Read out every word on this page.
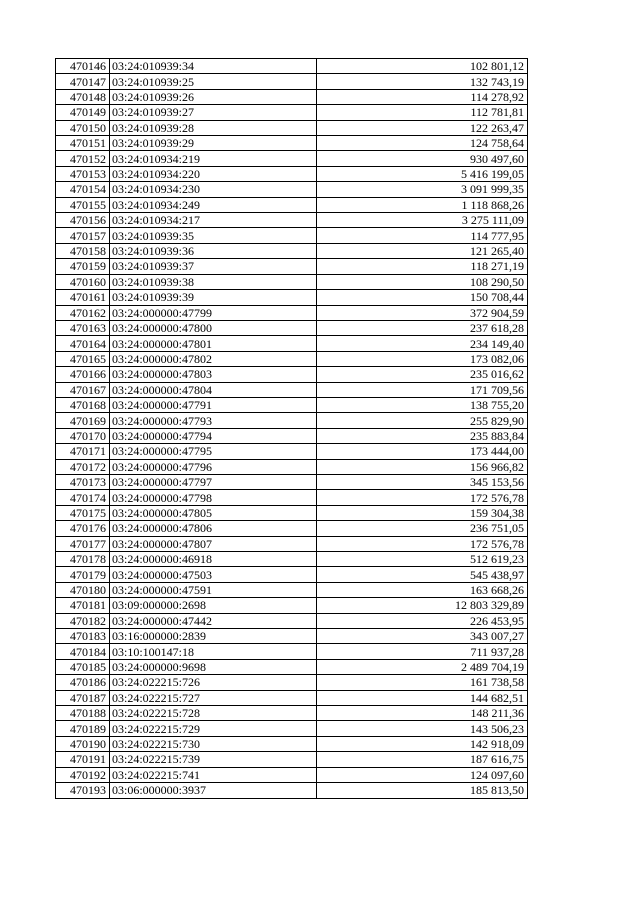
470146	03:24:010939:34	102 801,12
470147	03:24:010939:25	132 743,19
470148	03:24:010939:26	114 278,92
470149	03:24:010939:27	112 781,81
470150	03:24:010939:28	122 263,47
470151	03:24:010939:29	124 758,64
470152	03:24:010934:219	930 497,60
470153	03:24:010934:220	5 416 199,05
470154	03:24:010934:230	3 091 999,35
470155	03:24:010934:249	1 118 868,26
470156	03:24:010934:217	3 275 111,09
470157	03:24:010939:35	114 777,95
470158	03:24:010939:36	121 265,40
470159	03:24:010939:37	118 271,19
470160	03:24:010939:38	108 290,50
470161	03:24:010939:39	150 708,44
470162	03:24:000000:47799	372 904,59
470163	03:24:000000:47800	237 618,28
470164	03:24:000000:47801	234 149,40
470165	03:24:000000:47802	173 082,06
470166	03:24:000000:47803	235 016,62
470167	03:24:000000:47804	171 709,56
470168	03:24:000000:47791	138 755,20
470169	03:24:000000:47793	255 829,90
470170	03:24:000000:47794	235 883,84
470171	03:24:000000:47795	173 444,00
470172	03:24:000000:47796	156 966,82
470173	03:24:000000:47797	345 153,56
470174	03:24:000000:47798	172 576,78
470175	03:24:000000:47805	159 304,38
470176	03:24:000000:47806	236 751,05
470177	03:24:000000:47807	172 576,78
470178	03:24:000000:46918	512 619,23
470179	03:24:000000:47503	545 438,97
470180	03:24:000000:47591	163 668,26
470181	03:09:000000:2698	12 803 329,89
470182	03:24:000000:47442	226 453,95
470183	03:16:000000:2839	343 007,27
470184	03:10:100147:18	711 937,28
470185	03:24:000000:9698	2 489 704,19
470186	03:24:022215:726	161 738,58
470187	03:24:022215:727	144 682,51
470188	03:24:022215:728	148 211,36
470189	03:24:022215:729	143 506,23
470190	03:24:022215:730	142 918,09
470191	03:24:022215:739	187 616,75
470192	03:24:022215:741	124 097,60
470193	03:06:000000:3937	185 813,50
